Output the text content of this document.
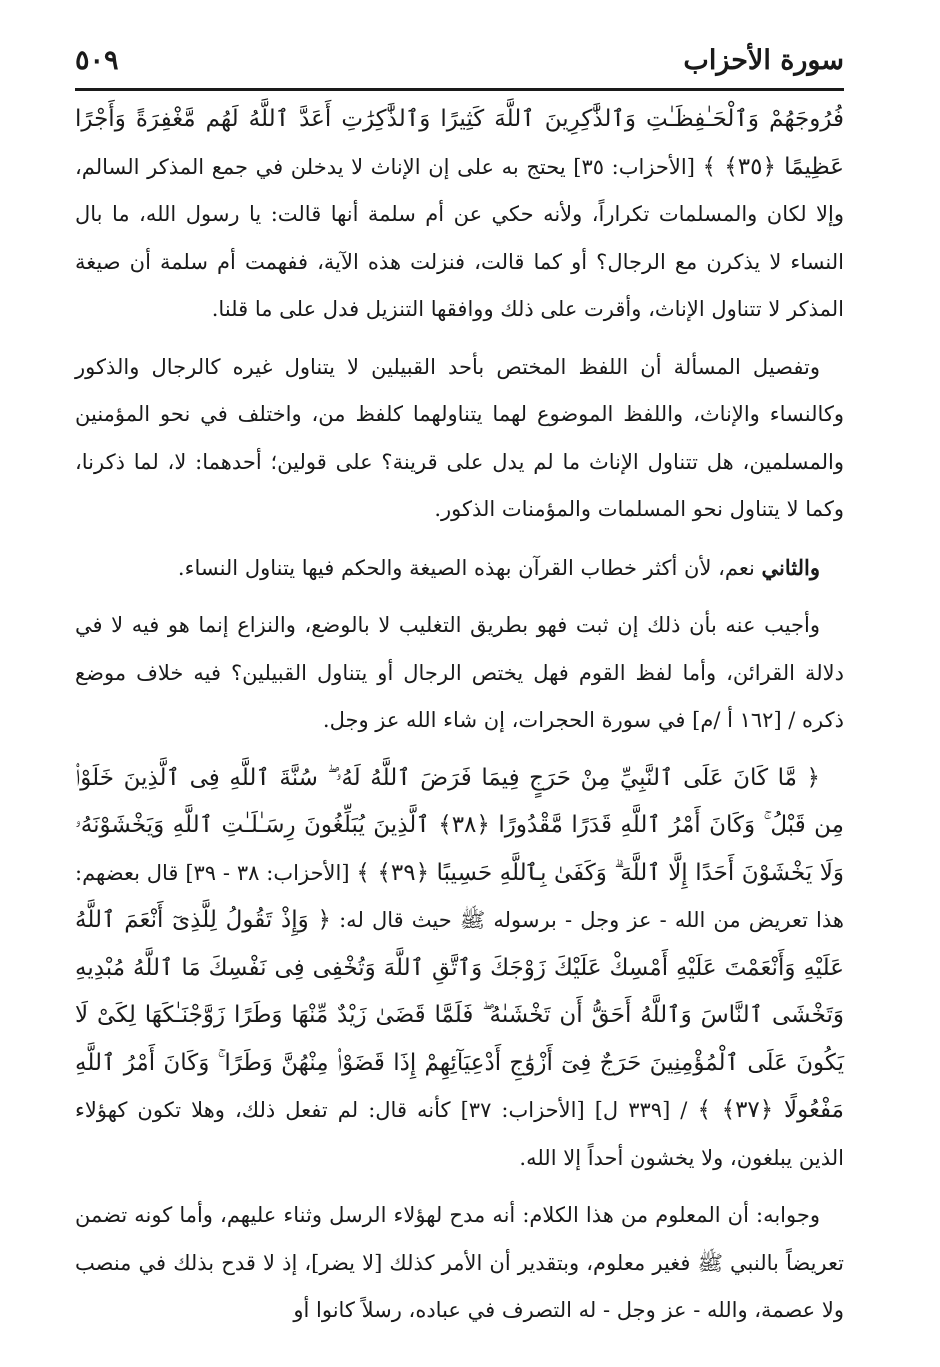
سورة الأحزاب
٥٠٩

فُرُوجَهُمْ وَٱلْحَـٰفِظَـٰتِ وَٱلذَّٰكِرِينَ ٱللَّهَ كَثِيرًا وَٱلذَّٰكِرَٰتِ أَعَدَّ ٱللَّهُ لَهُم مَّغْفِرَةً وَأَجْرًا عَظِيمًا ﴿٣٥﴾ ﴾ [الأحزاب: ٣٥] يحتج به على إن الإناث لا يدخلن في جمع المذكر السالم، وإلا لكان والمسلمات تكراراً، ولأنه حكي عن أم سلمة أنها قالت: يا رسول الله، ما بال النساء لا يذكرن مع الرجال؟ أو كما قالت، فنزلت هذه الآية، ففهمت أم سلمة أن صيغة المذكر لا تتناول الإناث، وأقرت على ذلك ووافقها التنزيل فدل على ما قلنا.

وتفصيل المسألة أن اللفظ المختص بأحد القبيلين لا يتناول غيره كالرجال والذكور وكالنساء والإناث، واللفظ الموضوع لهما يتناولهما كلفظ من، واختلف في نحو المؤمنين والمسلمين، هل تتناول الإناث ما لم يدل على قرينة؟ على قولين؛ أحدهما: لا، لما ذكرنا، وكما لا يتناول نحو المسلمات والمؤمنات الذكور.

والثاني نعم، لأن أكثر خطاب القرآن بهذه الصيغة والحكم فيها يتناول النساء.

وأجيب عنه بأن ذلك إن ثبت فهو بطريق التغليب لا بالوضع، والنزاع إنما هو فيه لا في دلالة القرائن، وأما لفظ القوم فهل يختص الرجال أو يتناول القبيلين؟ فيه خلاف موضع ذكره / [١٦٢ أ /م] في سورة الحجرات، إن شاء الله عز وجل.

﴿ مَّا كَانَ عَلَى ٱلنَّبِيِّ مِنْ حَرَجٍ فِيمَا فَرَضَ ٱللَّهُ لَهُۥ ۖ سُنَّةَ ٱللَّهِ فِى ٱلَّذِينَ خَلَوْا۟ مِن قَبْلُ ۚ وَكَانَ أَمْرُ ٱللَّهِ قَدَرًا مَّقْدُورًا ﴿٣٨﴾ ٱلَّذِينَ يُبَلِّغُونَ رِسَـٰلَـٰتِ ٱللَّهِ وَيَخْشَوْنَهُۥ وَلَا يَخْشَوْنَ أَحَدًا إِلَّا ٱللَّهَ ۗ وَكَفَىٰ بِٱللَّهِ حَسِيبًا ﴿٣٩﴾ ﴾ [الأحزاب: ٣٨ - ٣٩] قال بعضهم: هذا تعريض من الله - عز وجل - برسوله ﷺ حيث قال له: ﴿ وَإِذْ تَقُولُ لِلَّذِىٓ أَنْعَمَ ٱللَّهُ عَلَيْهِ وَأَنْعَمْتَ عَلَيْهِ أَمْسِكْ عَلَيْكَ زَوْجَكَ وَٱتَّقِ ٱللَّهَ وَتُخْفِى فِى نَفْسِكَ مَا ٱللَّهُ مُبْدِيهِ وَتَخْشَى ٱلنَّاسَ وَٱللَّهُ أَحَقُّ أَن تَخْشَىٰهُ ۖ فَلَمَّا قَضَىٰ زَيْدٌ مِّنْهَا وَطَرًا زَوَّجْنَـٰكَهَا لِكَىْ لَا يَكُونَ عَلَى ٱلْمُؤْمِنِينَ حَرَجٌ فِىٓ أَزْوَٰجِ أَدْعِيَآئِهِمْ إِذَا قَضَوْا۟ مِنْهُنَّ وَطَرًا ۚ وَكَانَ أَمْرُ ٱللَّهِ مَفْعُولًا ﴿٣٧﴾ ﴾ / [٣٣٩ ل] [الأحزاب: ٣٧] كأنه قال: لم تفعل ذلك، وهلا تكون كهؤلاء الذين يبلغون، ولا يخشون أحداً إلا الله.

وجوابه: أن المعلوم من هذا الكلام: أنه مدح لهؤلاء الرسل وثناء عليهم، وأما كونه تضمن تعريضاً بالنبي ﷺ فغير معلوم، وبتقدير أن الأمر كذلك [لا يضر]، إذ لا قدح بذلك في منصب ولا عصمة، والله - عز وجل - له التصرف في عباده، رسلاً كانوا أو
